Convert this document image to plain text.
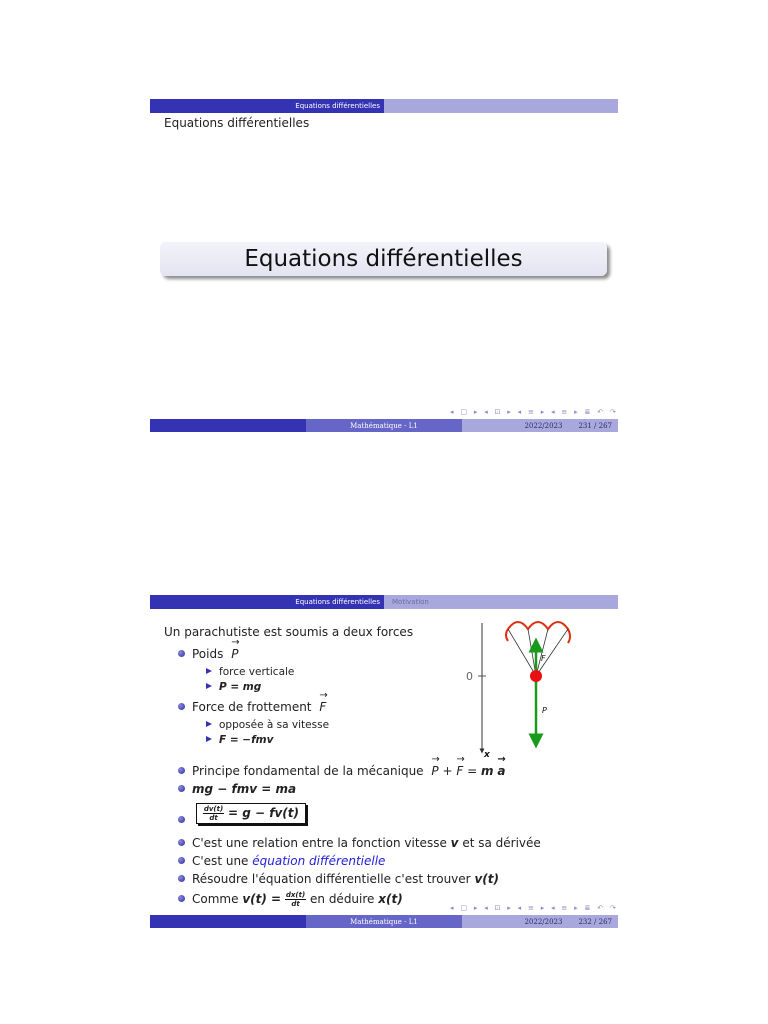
Equations différentielles
Equations différentielles
Equations différentielles
◂ □ ▸ ◂ ⊡ ▸ ◂ ≡ ▸ ◂ ≡ ▸ ≣ ↶ ↷
Mathématique - L1	2022/2023 231 / 267
Equations différentielles	Motivation
Un parachutiste est soumis a deux forces
Poids → P
force verticale
P = mg
Force de frottement → F
opposée à sa vitesse
F = −fmv
Principe fondamental de la mécanique → P + → F = m → a
mg − fmv = ma

$\frac{dv(t)}{dt} = g - fv(t)$
C'est une relation entre la fonction vitesse v et sa dérivée
C'est une équation différentielle
Résoudre l'équation différentielle c'est trouver v(t)
Comme $v(t) = \frac{dx(t)}{dt}$ en déduire x(t)
0
x
F
P
◂ □ ▸ ◂ ⊡ ▸ ◂ ≡ ▸ ◂ ≡ ▸ ≣ ↶ ↷
Mathématique - L1	2022/2023 232 / 267
